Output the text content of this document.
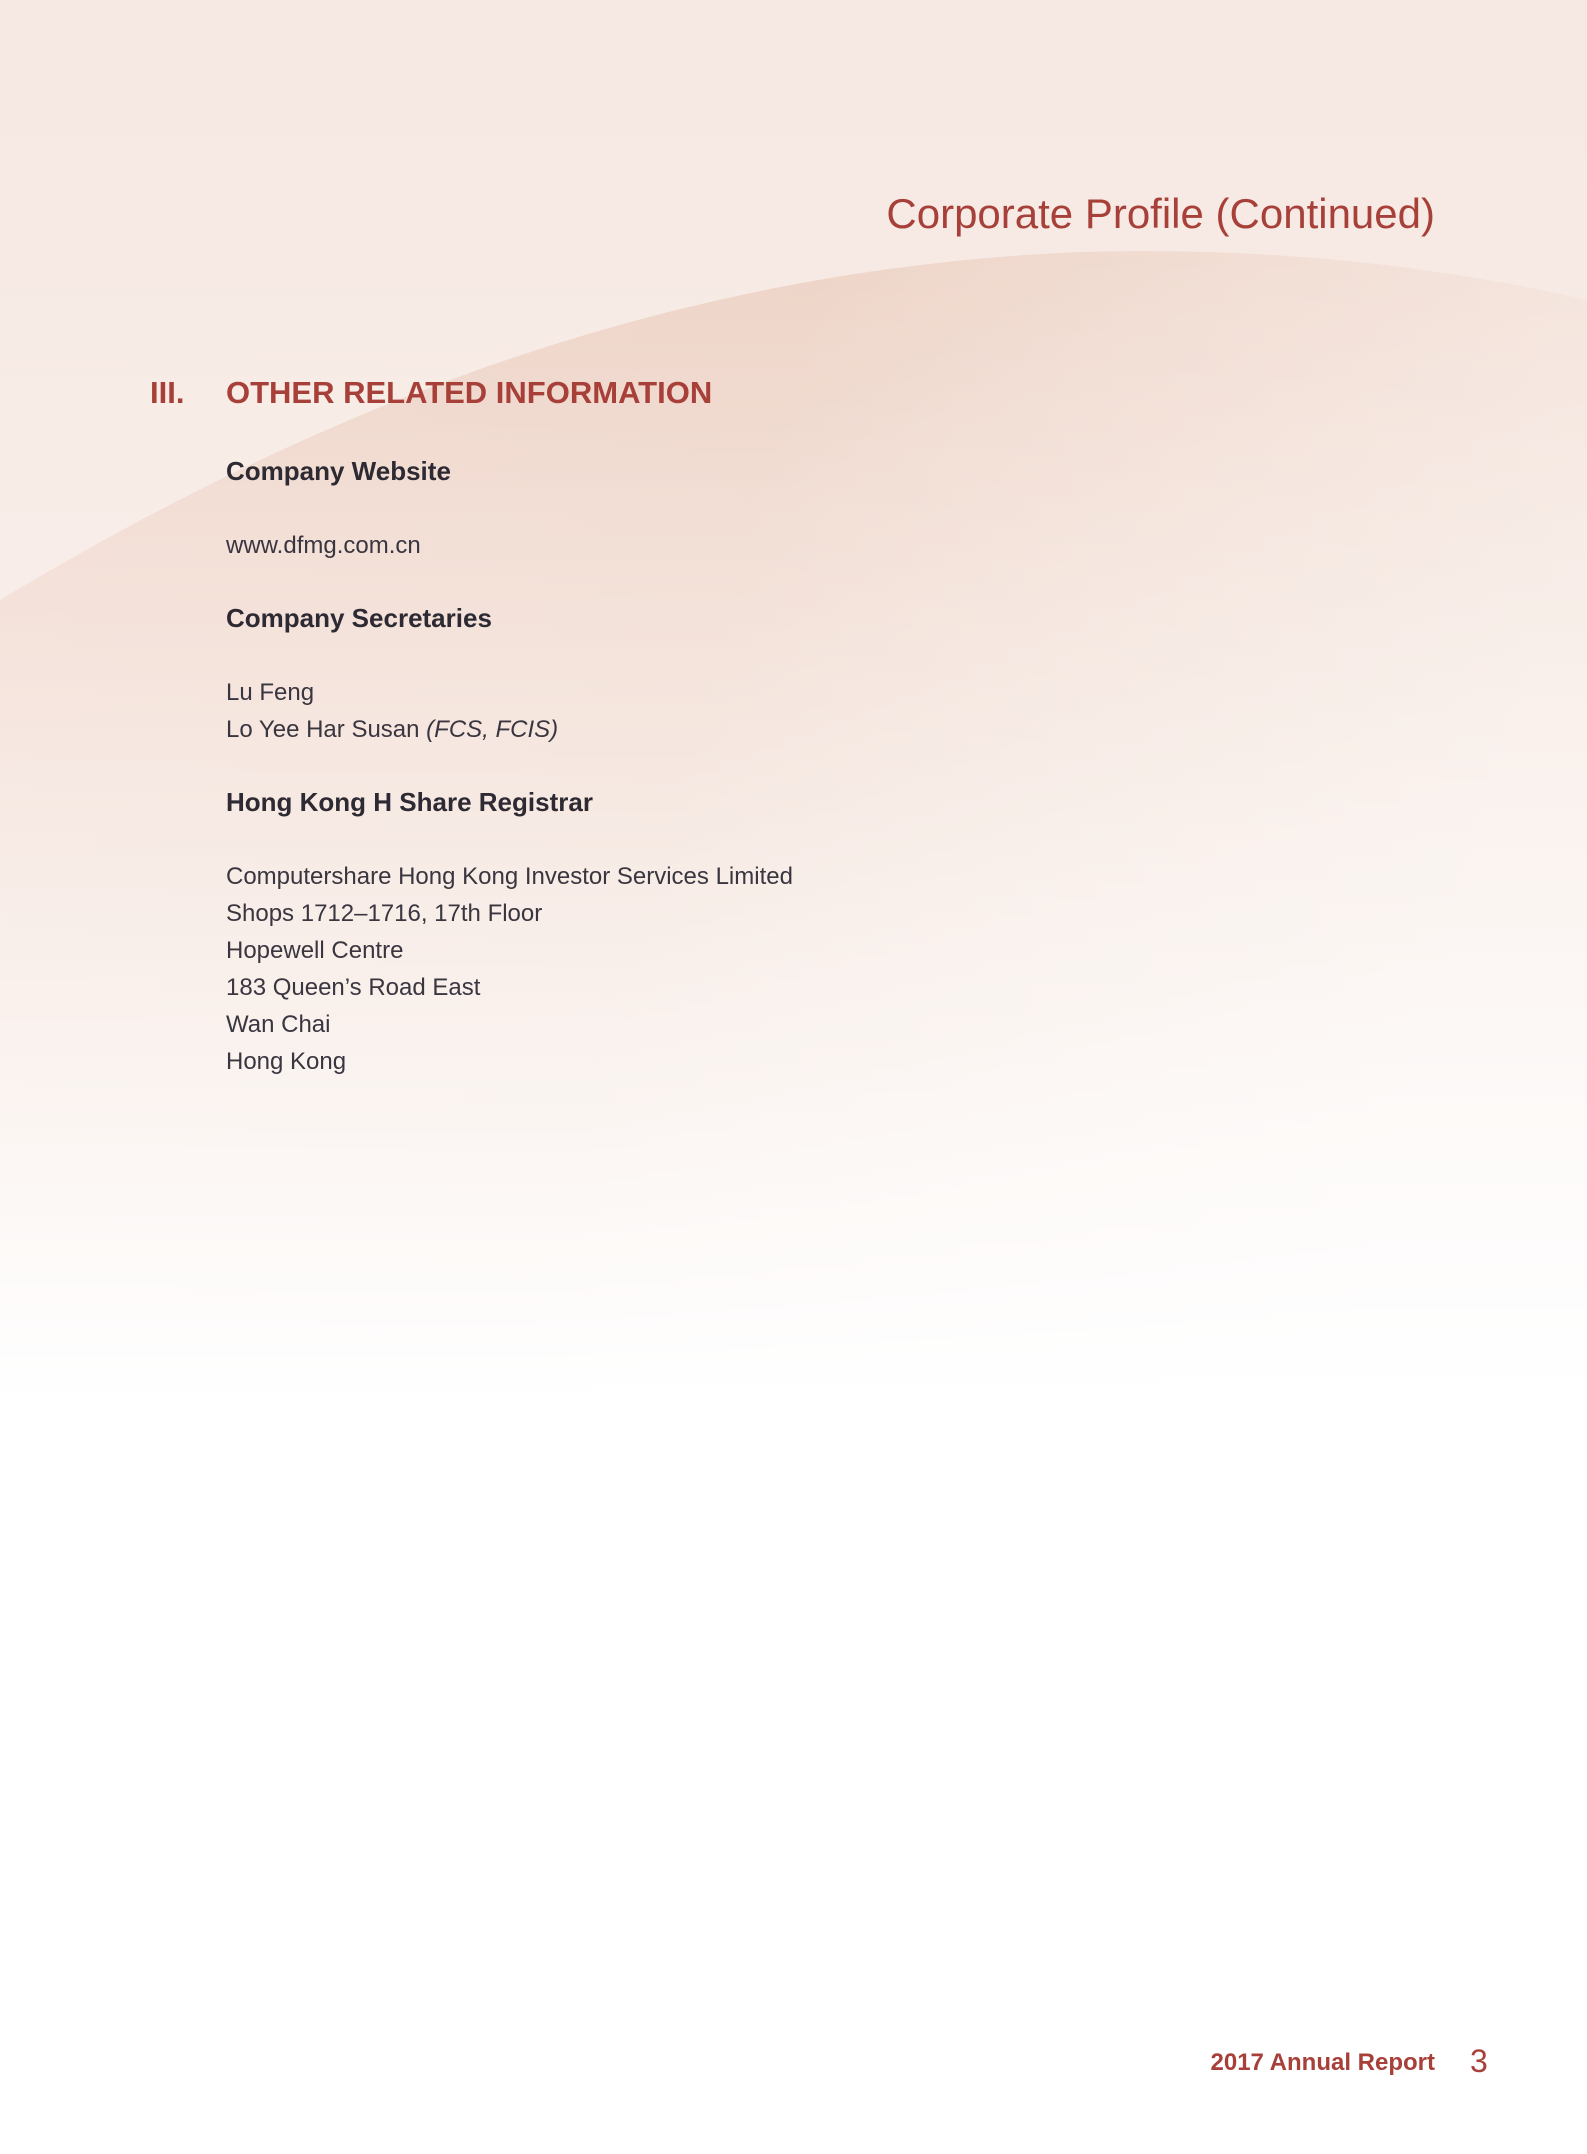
Corporate Profile (Continued)
III. OTHER RELATED INFORMATION
Company Website

www.dfmg.com.cn

Company Secretaries

Lu Feng
Lo Yee Har Susan (FCS, FCIS)

Hong Kong H Share Registrar

Computershare Hong Kong Investor Services Limited
Shops 1712–1716, 17th Floor
Hopewell Centre
183 Queen’s Road East
Wan Chai
Hong Kong

2017 Annual Report 3
